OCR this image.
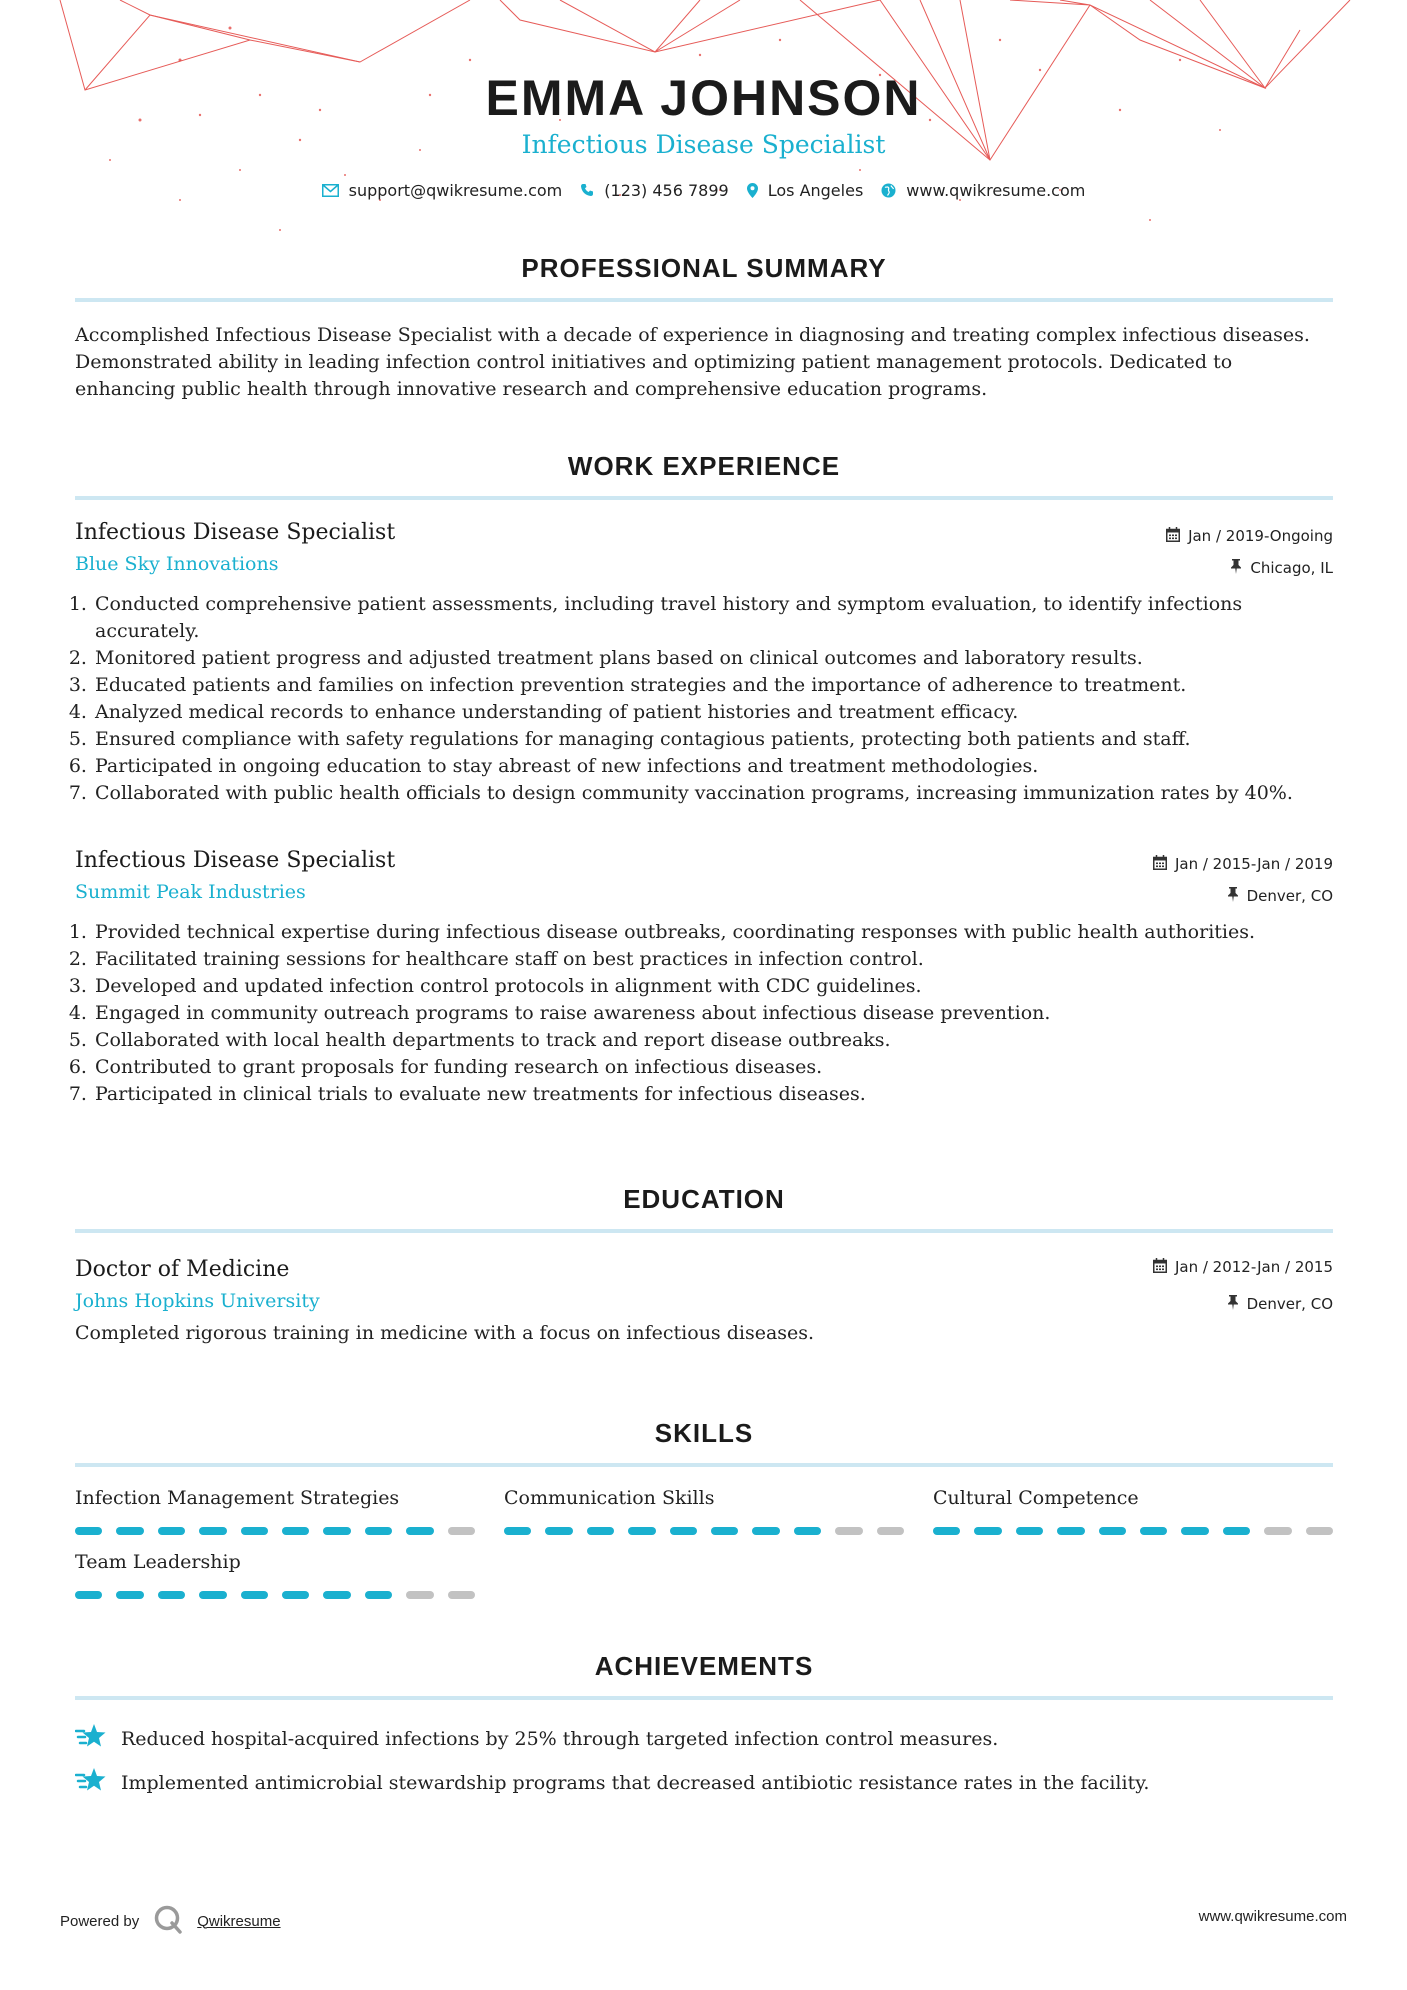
EMMA JOHNSON
Infectious Disease Specialist
support@qwikresume.com	(123) 456 7899 Los Angeles	www.qwikresume.com
PROFESSIONAL SUMMARY

Accomplished Infectious Disease Specialist with a decade of experience in diagnosing and treating complex infectious diseases. Demonstrated ability in leading infection control initiatives and optimizing patient management protocols. Dedicated to enhancing public health through innovative research and comprehensive education programs.

WORK EXPERIENCE
Infectious Disease Specialist
Blue Sky Innovations
Jan / 2019-Ongoing
Chicago, IL
1. Conducted comprehensive patient assessments, including travel history and symptom evaluation, to identify infections accurately.
2. Monitored patient progress and adjusted treatment plans based on clinical outcomes and laboratory results.
3. Educated patients and families on infection prevention strategies and the importance of adherence to treatment.
4. Analyzed medical records to enhance understanding of patient histories and treatment efficacy.
5. Ensured compliance with safety regulations for managing contagious patients, protecting both patients and staff.
6. Participated in ongoing education to stay abreast of new infections and treatment methodologies.
7. Collaborated with public health officials to design community vaccination programs, increasing immunization rates by 40%.
Infectious Disease Specialist
Summit Peak Industries
Jan / 2015-Jan / 2019
Denver, CO
1. Provided technical expertise during infectious disease outbreaks, coordinating responses with public health authorities.
2. Facilitated training sessions for healthcare staff on best practices in infection control.
3. Developed and updated infection control protocols in alignment with CDC guidelines.
4. Engaged in community outreach programs to raise awareness about infectious disease prevention.
5. Collaborated with local health departments to track and report disease outbreaks.
6. Contributed to grant proposals for funding research on infectious diseases.
7. Participated in clinical trials to evaluate new treatments for infectious diseases.
EDUCATION
Doctor of Medicine
Johns Hopkins University
Jan / 2012-Jan / 2015
Denver, CO

Completed rigorous training in medicine with a focus on infectious diseases.

SKILLS
Infection Management Strategies	Communication Skills	Cultural Competence
Team Leadership
ACHIEVEMENTS
Reduced hospital-acquired infections by 25% through targeted infection control measures.
Implemented antimicrobial stewardship programs that decreased antibiotic resistance rates in the facility.
Powered by	Qwikresume	www.qwikresume.com
